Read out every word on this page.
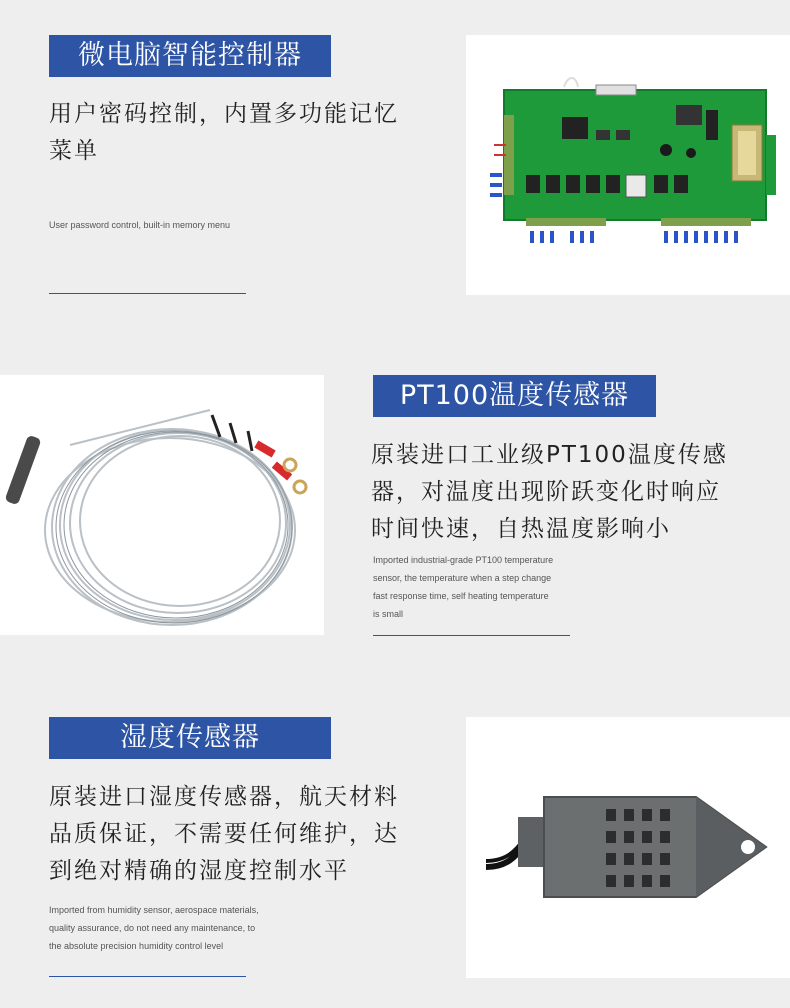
微电脑智能控制器

用户密码控制，内置多功能记忆
菜单

User password control, built-in memory menu

PT100温度传感器

原装进口工业级PT100温度传感
器，对温度出现阶跃变化时响应
时间快速，自热温度影响小

Imported industrial-grade PT100 temperature
sensor, the temperature when a step change
fast response time, self heating temperature
is small

湿度传感器

原装进口湿度传感器，航天材料
品质保证，不需要任何维护，达
到绝对精确的湿度控制水平

Imported from humidity sensor, aerospace materials,
quality assurance, do not need any maintenance, to
the absolute precision humidity control level
